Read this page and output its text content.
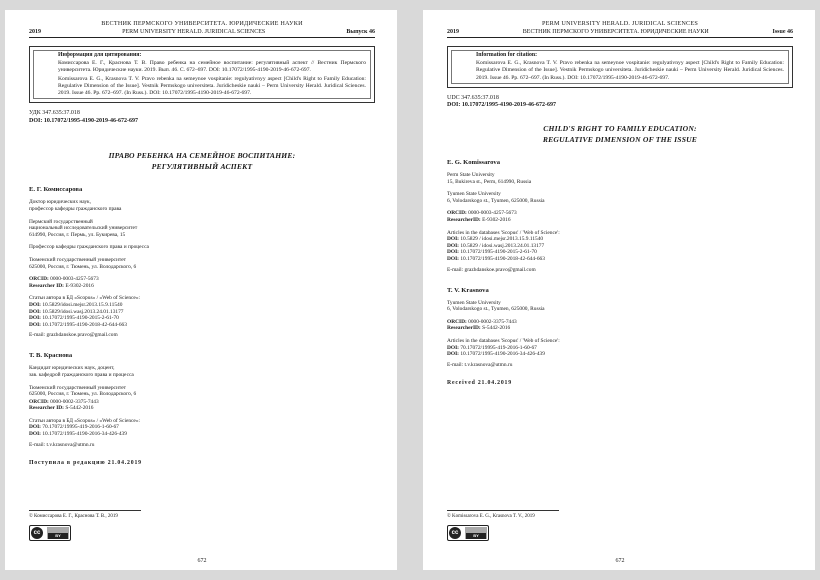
ВЕСТНИК ПЕРМСКОГО УНИВЕРСИТЕТА. ЮРИДИЧЕСКИЕ НАУКИ
2019	PERM UNIVERSITY HERALD. JURIDICAL SCIENCES	Выпуск 46
Информация для цитирования:
Комиссарова Е. Г., Краснова Т. В. Право ребенка на семейное воспитание: регулятивный аспект // Вестник Пермского университета. Юридические науки. 2019. Вып. 46. C. 672–697. DOI: 10.17072/1995-4190-2019-46-672-697.
Komissarova E. G., Krasnova T. V. Pravo rebenka na semeynoe vospitanie: regulyativnyy aspect [Child's Right to Family Education: Regulative Dimension of the Issue]. Vestnik Permskogo universiteta. Juridicheskie nauki – Perm University Herald. Juridical Sciences. 2019. Issue 46. Pp. 672–697. (In Russ.). DOI: 10.17072/1995-4190-2019-46-672-697.
УДК 347.635:37.018
DOI: 10.17072/1995-4190-2019-46-672-697
ПРАВО РЕБЕНКА НА СЕМЕЙНОЕ ВОСПИТАНИЕ:
РЕГУЛЯТИВНЫЙ АСПЕКТ
Е. Г. Комиссарова

Доктор юридических наук,

профессор кафедры гражданского права

Пермский государственный

национальный исследовательский университет

614990, Россия, г. Пермь, ул. Букирева, 15

Профессор кафедры гражданского права и процесса

Тюменский государственный университет

625000, Россия, г. Тюмень, ул. Володарского, 6

ORCID: 0000-0003-4257-5673

Researcher ID: E-9302-2016

Статьи автора в БД «Scopus» / «Web of Science»:

DOI: 10.5829/idosi.mejsr.2013.15.9.11540

DOI: 10.5829/idosi.wasj.2013.24.01.13177

DOI: 10.17072/1995-4190-2015-2-61-70

DOI: 10.17072/1995-4190-2018-42-644-663

E-mail: grazhdanskoe.pravo@gmail.com
Т. В. Краснова

Кандидат юридических наук, доцент,

зав. кафедрой гражданского права и процесса

Тюменский государственный университет

625000, Россия, г. Тюмень, ул. Володарского, 6

ORCID: 0000-0002-3375-7443

Researcher ID: S-5442-2016

Статьи автора в БД «Scopus» / «Web of Science»:

DOI: 70.17072/19995-419-2016-1-60-67

DOI: 10.17072/1995-4190-2016-34-426-439

E-mail: t.v.krasnova@utmn.ru
Поступила в редакцию 21.04.2019
© Комиссарова Е. Г., Краснова Т. В., 2019
cc	BY
672
PERM UNIVERSITY HERALD. JURIDICAL SCIENCES
2019	ВЕСТНИК ПЕРМСКОГО УНИВЕРСИТЕТА. ЮРИДИЧЕСКИЕ НАУКИ	Issue 46
Information for citation:
Komissarova E. G., Krasnova T. V. Pravo rebenka na semeynoe vospitanie: regulyativnyy aspect [Child's Right to Family Education: Regulative Dimension of the Issue]. Vestnik Permskogo universiteta. Juridicheskie nauki – Perm University Herald. Juridical Sciences. 2019. Issue 46. Pp. 672–697. (In Russ.). DOI: 10.17072/1995-4190-2019-46-672-697.
UDC 347.635:37.018
DOI: 10.17072/1995-4190-2019-46-672-697
CHILD'S RIGHT TO FAMILY EDUCATION:
REGULATIVE DIMENSION OF THE ISSUE
E. G. Komissarova

Perm State University

15, Bukireva st., Perm, 614990, Russia

Tyumen State University

6, Volodarskogo st., Tyumen, 625000, Russia

ORCID: 0000-0003-4257-5673

ResearcherID: E-9302-2016

Articles in the databases 'Scopus' / 'Web of Science':

DOI: 10.5829 / idosi.mejsr.2013.15.9.11540

DOI: 10.5829 / idosi.wasj.2013.24.01.13177

DOI: 10.17072/1995-4190-2015-2-61-70

DOI: 10.17072/1995-4190-2018-42-644-663

E-mail: grazhdanskoe.pravo@gmail.com
T. V. Krasnova

Tyumen State University

6, Volodarskogo st., Tyumen, 625000, Russia

ORCID: 0000-0002-3375-7443

ResearcherID: S-5442-2016

Articles in the databases 'Scopus' / 'Web of Science':

DOI: 70.17072/19995-419-2016-1-60-67

DOI: 10.17072/1995-4190-2016-34-426-439

E-mail: t.v.krasnova@utmn.ru
Received 21.04.2019
© Komissarova E. G., Krasnova T. V., 2019
cc	BY
672
